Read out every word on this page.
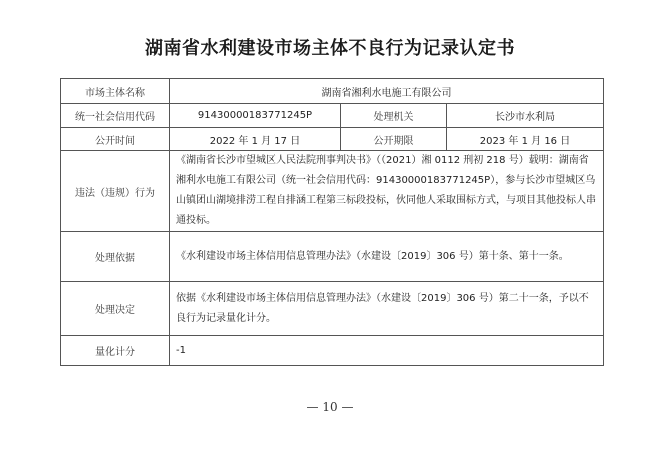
湖南省水利建设市场主体不良行为记录认定书
市场主体名称	湖南省湘利水电施工有限公司		
统一社会信用代码	91430000183771245P	处理机关	长沙市水利局
公开时间	2022 年 1 月 17 日	公开期限	2023 年 1 月 16 日
违法（违规）行为	《湖南省长沙市望城区人民法院刑事判决书》（（2021）湘 0112 刑初 218 号）载明：湖南省湘利水电施工有限公司（统一社会信用代码：91430000183771245P），参与长沙市望城区乌山镇团山湖境排涝工程自排涵工程第三标段投标，伙同他人采取围标方式，与项目其他投标人串通投标。		
处理依据	《水利建设市场主体信用信息管理办法》（水建设〔2019〕306 号）第十条、第十一条。		
处理决定	依据《水利建设市场主体信用信息管理办法》（水建设〔2019〕306 号）第二十一条，予以不良行为记录量化计分。		
量化计分	-1		
— 10 —
